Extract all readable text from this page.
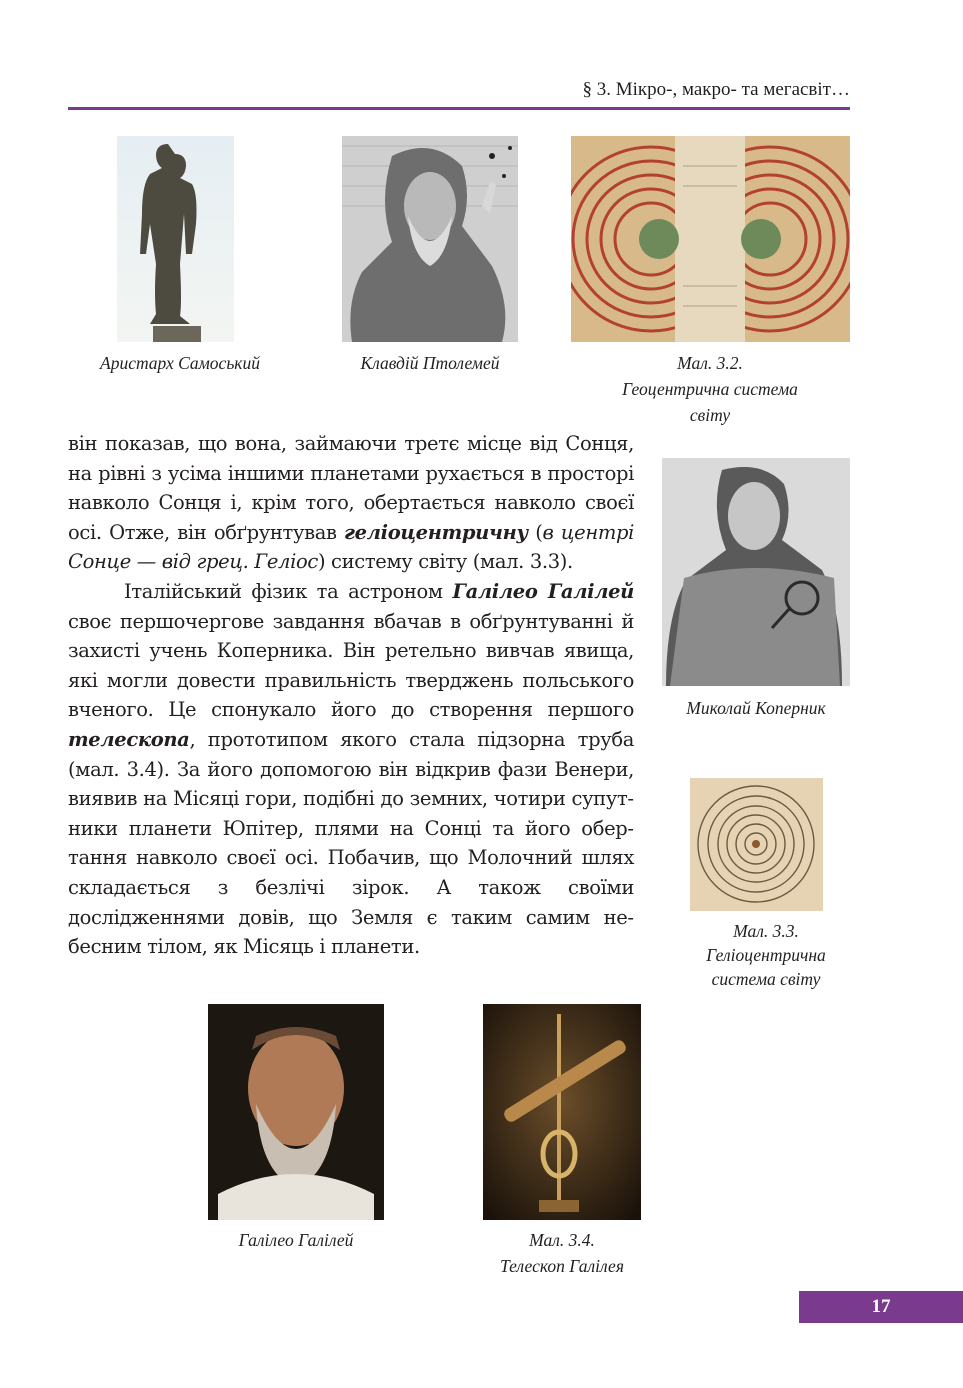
§ 3. Мікро-, макро- та мегасвіт…
Аристарх Самоський	Клавдій Птолемей	Мал. 3.2.
Геоцентрична система
світу
Миколай Коперник
Мал. 3.3.
Геліоцентрична
система світу
Галілео Галілей	Мал. 3.4.
Телескоп Галілея

він показав, що вона, займаючи третє місце від Сонця, на рівні з усіма іншими планетами рухається в просторі навколо Сонця і, крім того, обертається навколо своєї осі. Отже, він обґрунтував геліоцентричну (в центрі Сонце — від грец. Геліос) систему світу (мал. 3.3).

Італійський фізик та астроном Галілео Галілей своє першочергове завдання вбачав в обґрунтуванні й захисті учень Коперника. Він ретельно вивчав явища, які могли довести правильність тверджень польського вченого. Це спонукало його до створення першого телескопа, прототипом якого стала підзорна труба (мал. 3.4). За його допомогою він відкрив фази Венери, виявив на Місяці гори, подібні до земних, чотири супутники планети Юпітер, плями на Сонці та його обертання навколо своєї осі. Побачив, що Молочний шлях складається з безлічі зірок. А також своїми дослідженнями довів, що Земля є таким самим небесним тілом, як Місяць і планети.

17
